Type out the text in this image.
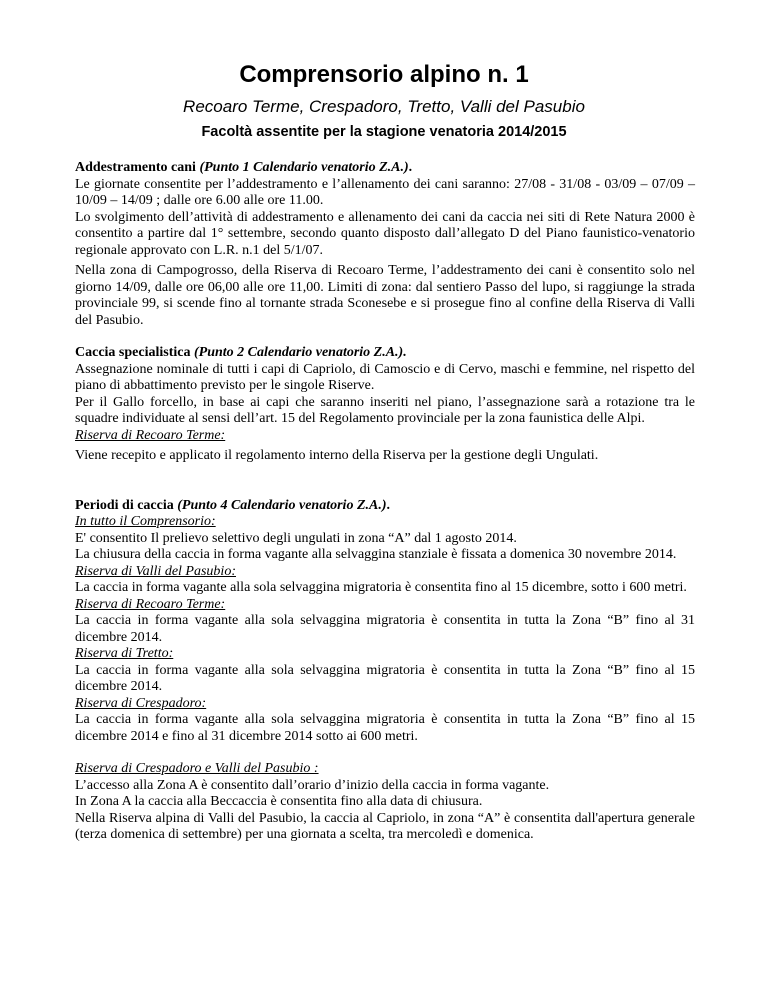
Comprensorio alpino n. 1
Recoaro Terme, Crespadoro, Tretto, Valli del Pasubio
Facoltà assentite per la stagione venatoria 2014/2015

Addestramento cani (Punto 1 Calendario venatorio Z.A.).

Le giornate consentite per l’addestramento e l’allenamento dei cani saranno: 27/08 - 31/08 - 03/09 – 07/09 – 10/09 – 14/09 ; dalle ore 6.00 alle ore 11.00.

Lo svolgimento dell’attività di addestramento e allenamento dei cani da caccia nei siti di Rete Natura 2000 è consentito a partire dal 1° settembre, secondo quanto disposto dall’allegato D del Piano faunistico-venatorio regionale approvato con L.R. n.1 del 5/1/07.

Nella zona di Campogrosso, della Riserva di Recoaro Terme, l’addestramento dei cani è consentito solo nel giorno 14/09, dalle ore 06,00 alle ore 11,00. Limiti di zona: dal sentiero Passo del lupo, si raggiunge la strada provinciale 99, si scende fino al tornante strada Sconesebe e si prosegue fino al confine della Riserva di Valli del Pasubio.

Caccia specialistica (Punto 2 Calendario venatorio Z.A.).

Assegnazione nominale di tutti i capi di Capriolo, di Camoscio e di Cervo, maschi e femmine, nel rispetto del piano di abbattimento previsto per le singole Riserve.

Per il Gallo forcello, in base ai capi che saranno inseriti nel piano, l’assegnazione sarà a rotazione tra le squadre individuate al sensi dell’art. 15 del Regolamento provinciale per la zona faunistica delle Alpi.

Riserva di Recoaro Terme:

Viene recepito e applicato il regolamento interno della Riserva per la gestione degli Ungulati.

Periodi di caccia (Punto 4 Calendario venatorio Z.A.).

In tutto il Comprensorio:

E' consentito Il prelievo selettivo degli ungulati in zona “A” dal 1 agosto 2014.

La chiusura della caccia in forma vagante alla selvaggina stanziale è fissata a domenica 30 novembre 2014.

Riserva di Valli del Pasubio:

La caccia in forma vagante alla sola selvaggina migratoria è consentita fino al 15 dicembre, sotto i 600 metri.

Riserva di Recoaro Terme:

La caccia in forma vagante alla sola selvaggina migratoria è consentita in tutta la Zona “B” fino al 31 dicembre 2014.

Riserva di Tretto:

La caccia in forma vagante alla sola selvaggina migratoria è consentita in tutta la Zona “B” fino al 15 dicembre 2014.

Riserva di Crespadoro:

La caccia in forma vagante alla sola selvaggina migratoria è consentita in tutta la Zona “B” fino al 15 dicembre 2014 e fino al 31 dicembre 2014 sotto ai 600 metri.

Riserva di Crespadoro e Valli del Pasubio :

L’accesso alla Zona A è consentito dall’orario d’inizio della caccia in forma vagante.

In Zona A la caccia alla Beccaccia è consentita fino alla data di chiusura.

Nella Riserva alpina di Valli del Pasubio, la caccia al Capriolo, in zona “A” è consentita dall'apertura generale (terza domenica di settembre) per una giornata a scelta, tra mercoledì e domenica.
